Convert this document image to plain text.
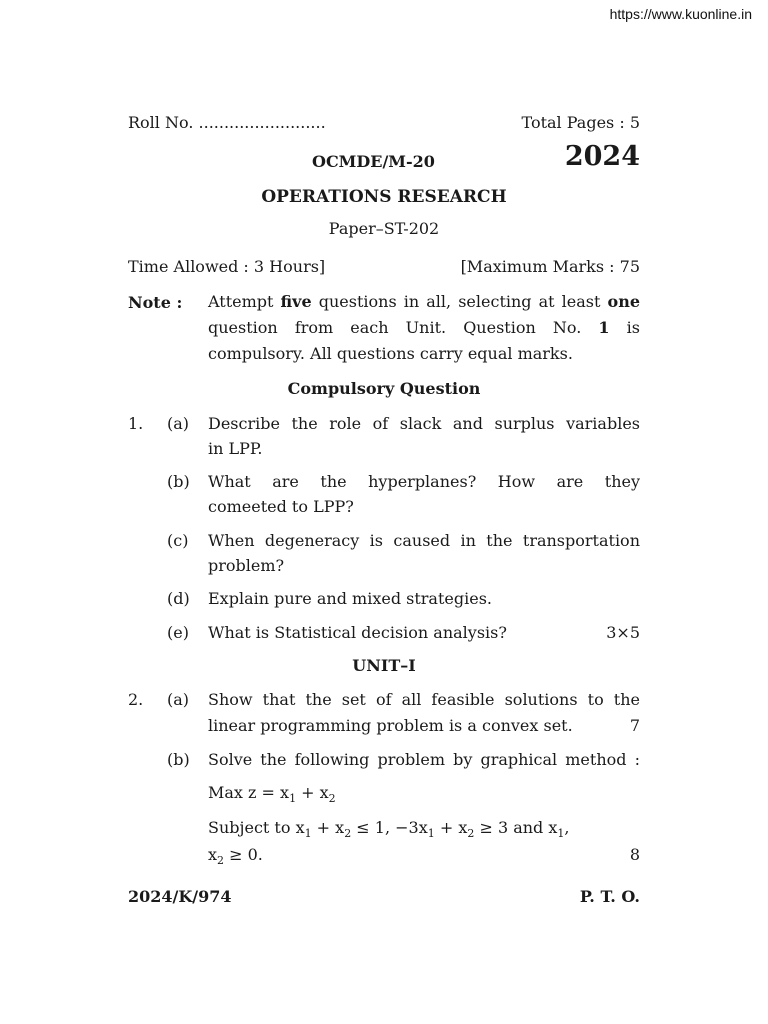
https://www.kuonline.in
Roll No. .........................	Total Pages : 5
OCMDE/M-20	2024
OPERATIONS RESEARCH
Paper–ST-202
Time Allowed : 3 Hours]	[Maximum Marks : 75
Note : Attempt five questions in all, selecting at least one question from each Unit. Question No. 1 is compulsory. All questions carry equal marks.
Compulsory Question
1. (a) Describe the role of slack and surplus variables
in LPP.
(b) What are the hyperplanes? How are they
comeeted to LPP?
(c) When degeneracy is caused in the transportation
problem?
(d) Explain pure and mixed strategies.
(e) What is Statistical decision analysis?	3×5
UNIT–I
2. (a) Show that the set of all feasible solutions to the
linear programming problem is a convex set.	7
(b) Solve the following problem by graphical method :
Max $z = x_1 + x_2$
Subject to $x_1 + x_2 \le 1$, $-3x_1 + x_2 \ge 3$ and $x_1$,
$x_2 \ge 0$.	8
2024/K/974	P. T. O.
